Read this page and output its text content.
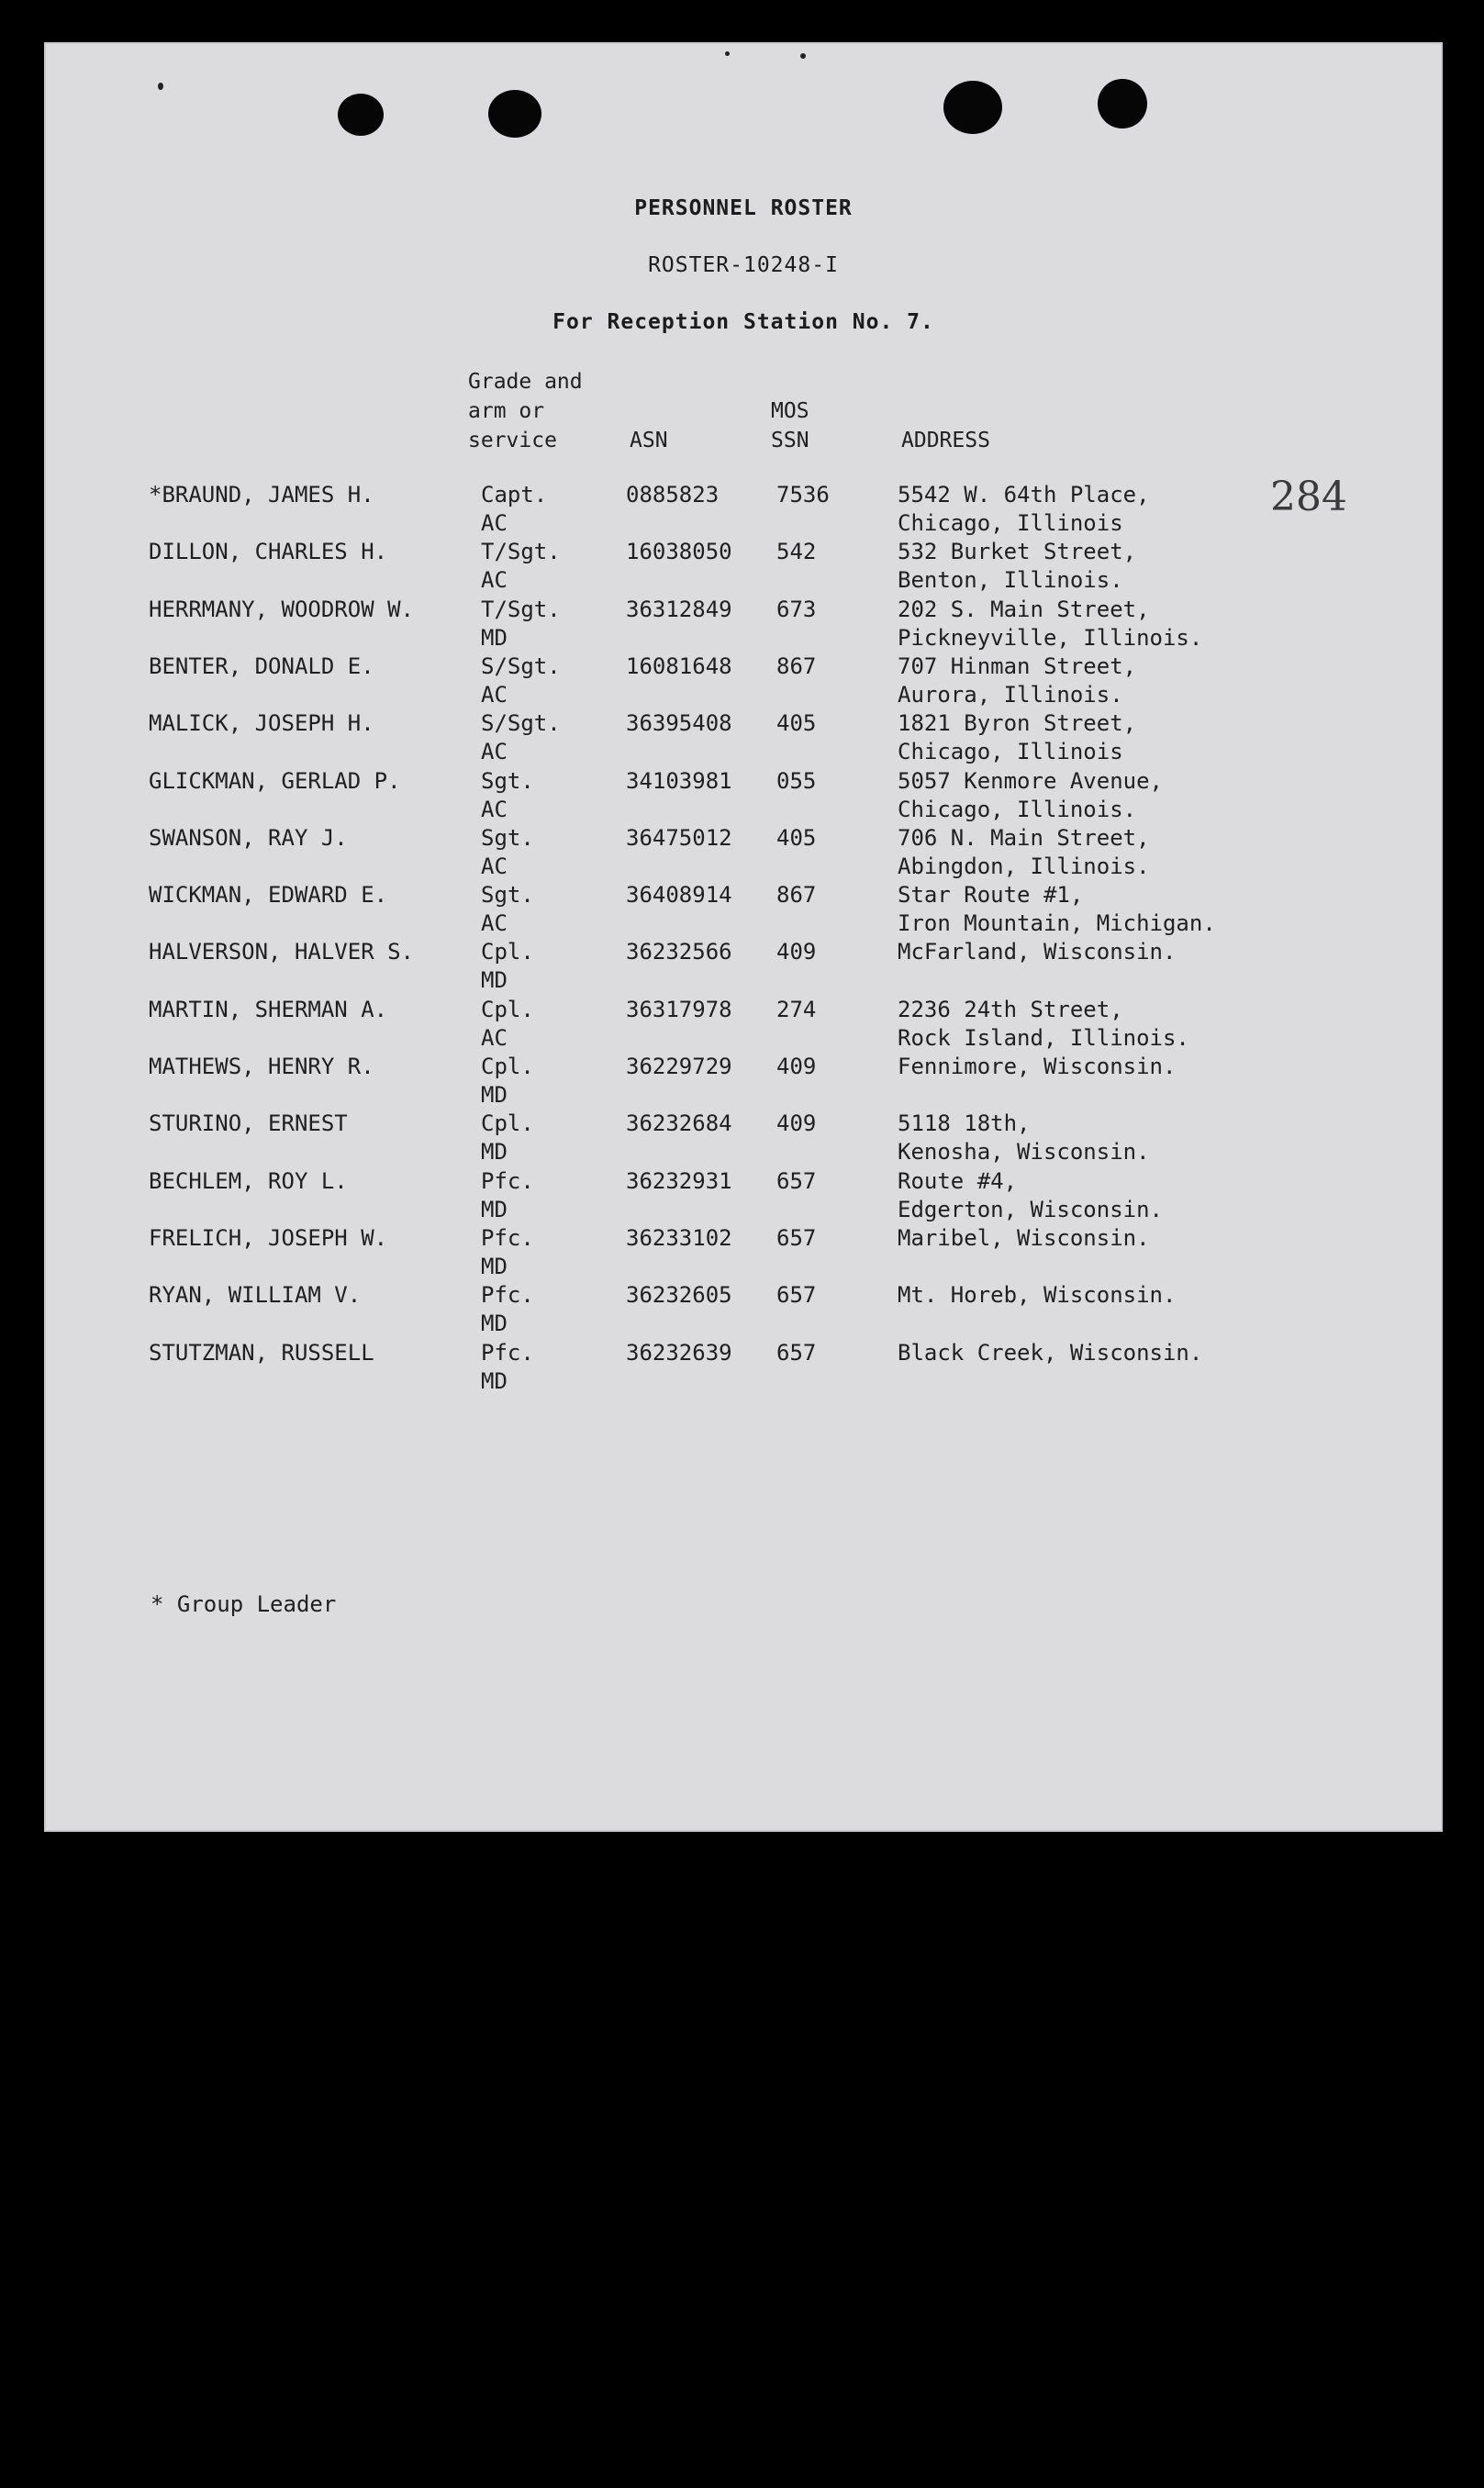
PERSONNEL ROSTER
ROSTER-10248-I
For Reception Station No. 7.
Grade and
arm or
service	ASN
MOS
SSN	ADDRESS
284
*BRAUND, JAMES H.	Capt.
AC
0885823	7536	5542 W. 64th Place,
Chicago, Illinois
DILLON, CHARLES H.	T/Sgt.
AC
16038050 542	532 Burket Street,
Benton, Illinois.
HERRMANY, WOODROW W.	T/Sgt.
MD
36312849 673	202 S. Main Street,
Pickneyville, Illinois.
BENTER, DONALD E.	S/Sgt.
AC
16081648 867	707 Hinman Street,
Aurora, Illinois.
MALICK, JOSEPH H.	S/Sgt.
AC
36395408 405	1821 Byron Street,
Chicago, Illinois
GLICKMAN, GERLAD P.	Sgt.
AC
34103981 055	5057 Kenmore Avenue,
Chicago, Illinois.
SWANSON, RAY J.	Sgt.
AC
36475012 405	706 N. Main Street,
Abingdon, Illinois.
WICKMAN, EDWARD E.	Sgt.
AC
36408914 867	Star Route #1,
Iron Mountain, Michigan.
HALVERSON, HALVER S.	Cpl.
MD
36232566 409	McFarland, Wisconsin.
MARTIN, SHERMAN A.	Cpl.
AC
36317978 274	2236 24th Street,
Rock Island, Illinois.
MATHEWS, HENRY R.	Cpl.
MD
36229729 409	Fennimore, Wisconsin.
STURINO, ERNEST	Cpl.
MD
36232684 409	5118 18th,
Kenosha, Wisconsin.
BECHLEM, ROY L.	Pfc.
MD
36232931 657	Route #4,
Edgerton, Wisconsin.
FRELICH, JOSEPH W.	Pfc.
MD
36233102 657	Maribel, Wisconsin.
RYAN, WILLIAM V.	Pfc.
MD
36232605 657	Mt. Horeb, Wisconsin.
STUTZMAN, RUSSELL	Pfc.
MD
36232639 657	Black Creek, Wisconsin.
* Group Leader
